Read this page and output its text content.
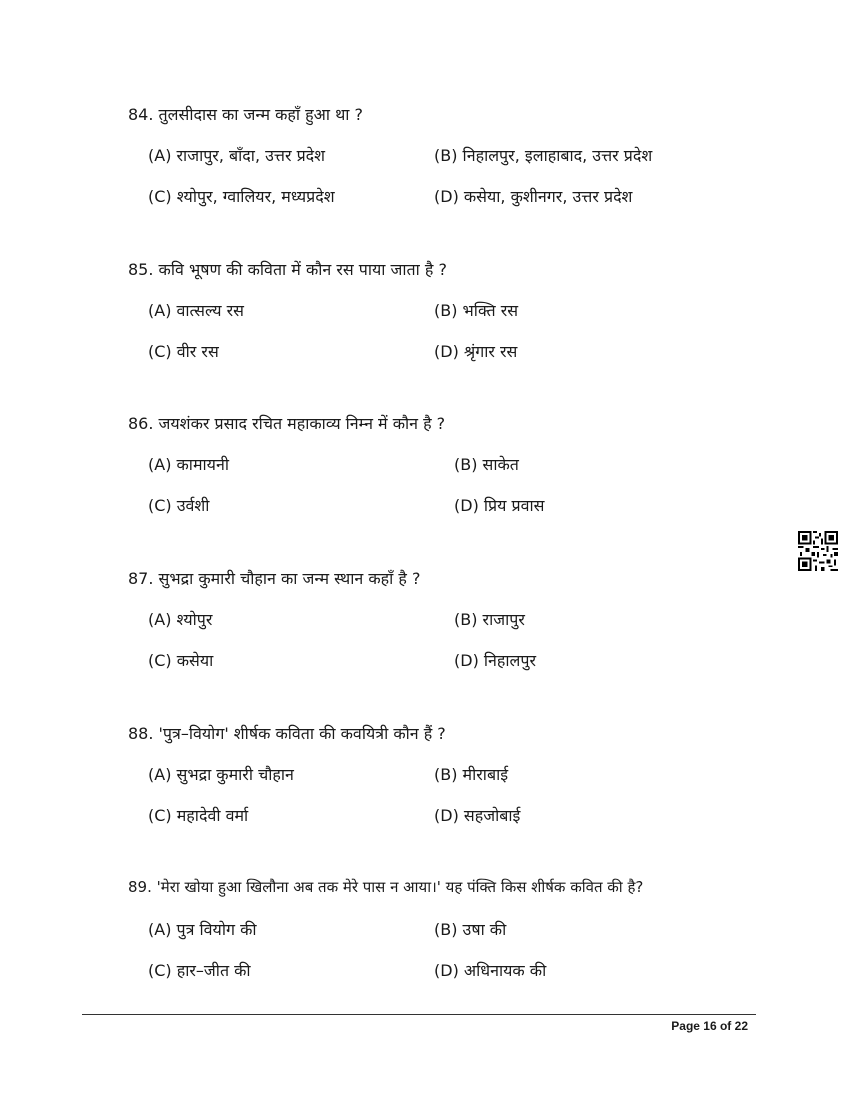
84. तुलसीदास का जन्म कहाँ हुआ था ?
(A) राजापुर, बाँदा, उत्तर प्रदेश	(B) निहालपुर, इलाहाबाद, उत्तर प्रदेश
(C) श्योपुर, ग्वालियर, मध्यप्रदेश	(D) कसेया, कुशीनगर, उत्तर प्रदेश
85. कवि भूषण की कविता में कौन रस पाया जाता है ?
(A) वात्सल्य रस	(B) भक्ति रस
(C) वीर रस	(D) श्रृंगार रस
86. जयशंकर प्रसाद रचित महाकाव्य निम्न में कौन है ?
(A) कामायनी	(B) साकेत
(C) उर्वशी	(D) प्रिय प्रवास
87. सुभद्रा कुमारी चौहान का जन्म स्थान कहाँ है ?
(A) श्योपुर	(B) राजापुर
(C) कसेया	(D) निहालपुर
88. 'पुत्र–वियोग' शीर्षक कविता की कवयित्री कौन हैं ?
(A) सुभद्रा कुमारी चौहान	(B) मीराबाई
(C) महादेवी वर्मा	(D) सहजोबाई
89. 'मेरा खोया हुआ खिलौना अब तक मेरे पास न आया।' यह पंक्ति किस शीर्षक कवित की है?
(A) पुत्र वियोग की	(B) उषा की
(C) हार–जीत की	(D) अधिनायक की
Page 16 of 22
